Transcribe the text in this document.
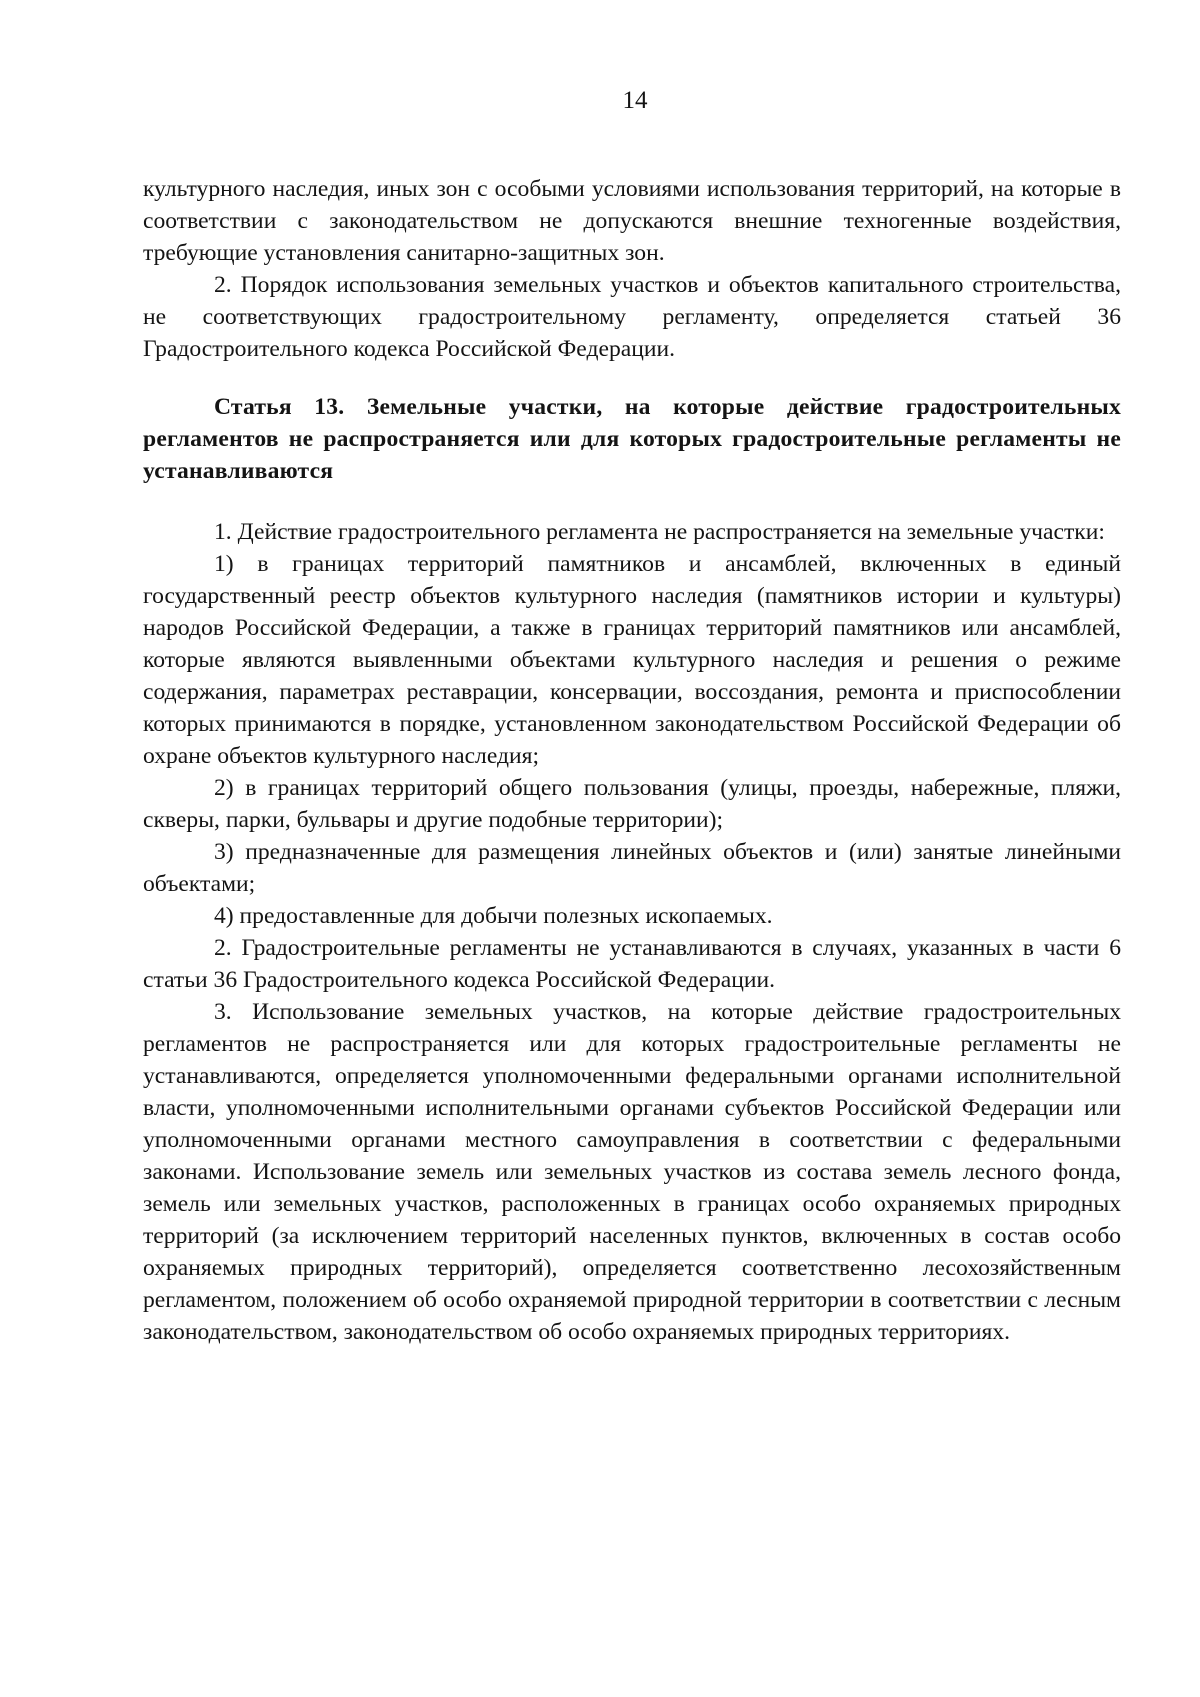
14

культурного наследия, иных зон с особыми условиями использования территорий, на которые в соответствии с законодательством не допускаются внешние техногенные воздействия, требующие установления санитарно-защитных зон.

2. Порядок использования земельных участков и объектов капитального строительства, не соответствующих градостроительному регламенту, определяется статьей 36 Градостроительного кодекса Российской Федерации.

Статья 13. Земельные участки, на которые действие градостроительных регламентов не распространяется или для которых градостроительные регламенты не устанавливаются

1. Действие градостроительного регламента не распространяется на земельные участки:

1) в границах территорий памятников и ансамблей, включенных в единый государственный реестр объектов культурного наследия (памятников истории и культуры) народов Российской Федерации, а также в границах территорий памятников или ансамблей, которые являются выявленными объектами культурного наследия и решения о режиме содержания, параметрах реставрации, консервации, воссоздания, ремонта и приспособлении которых принимаются в порядке, установленном законодательством Российской Федерации об охране объектов культурного наследия;

2) в границах территорий общего пользования (улицы, проезды, набережные, пляжи, скверы, парки, бульвары и другие подобные территории);

3) предназначенные для размещения линейных объектов и (или) занятые линейными объектами;

4) предоставленные для добычи полезных ископаемых.

2. Градостроительные регламенты не устанавливаются в случаях, указанных в части 6 статьи 36 Градостроительного кодекса Российской Федерации.

3. Использование земельных участков, на которые действие градостроительных регламентов не распространяется или для которых градостроительные регламенты не устанавливаются, определяется уполномоченными федеральными органами исполнительной власти, уполномоченными исполнительными органами субъектов Российской Федерации или уполномоченными органами местного самоуправления в соответствии с федеральными законами. Использование земель или земельных участков из состава земель лесного фонда, земель или земельных участков, расположенных в границах особо охраняемых природных территорий (за исключением территорий населенных пунктов, включенных в состав особо охраняемых природных территорий), определяется соответственно лесохозяйственным регламентом, положением об особо охраняемой природной территории в соответствии с лесным законодательством, законодательством об особо охраняемых природных территориях.
